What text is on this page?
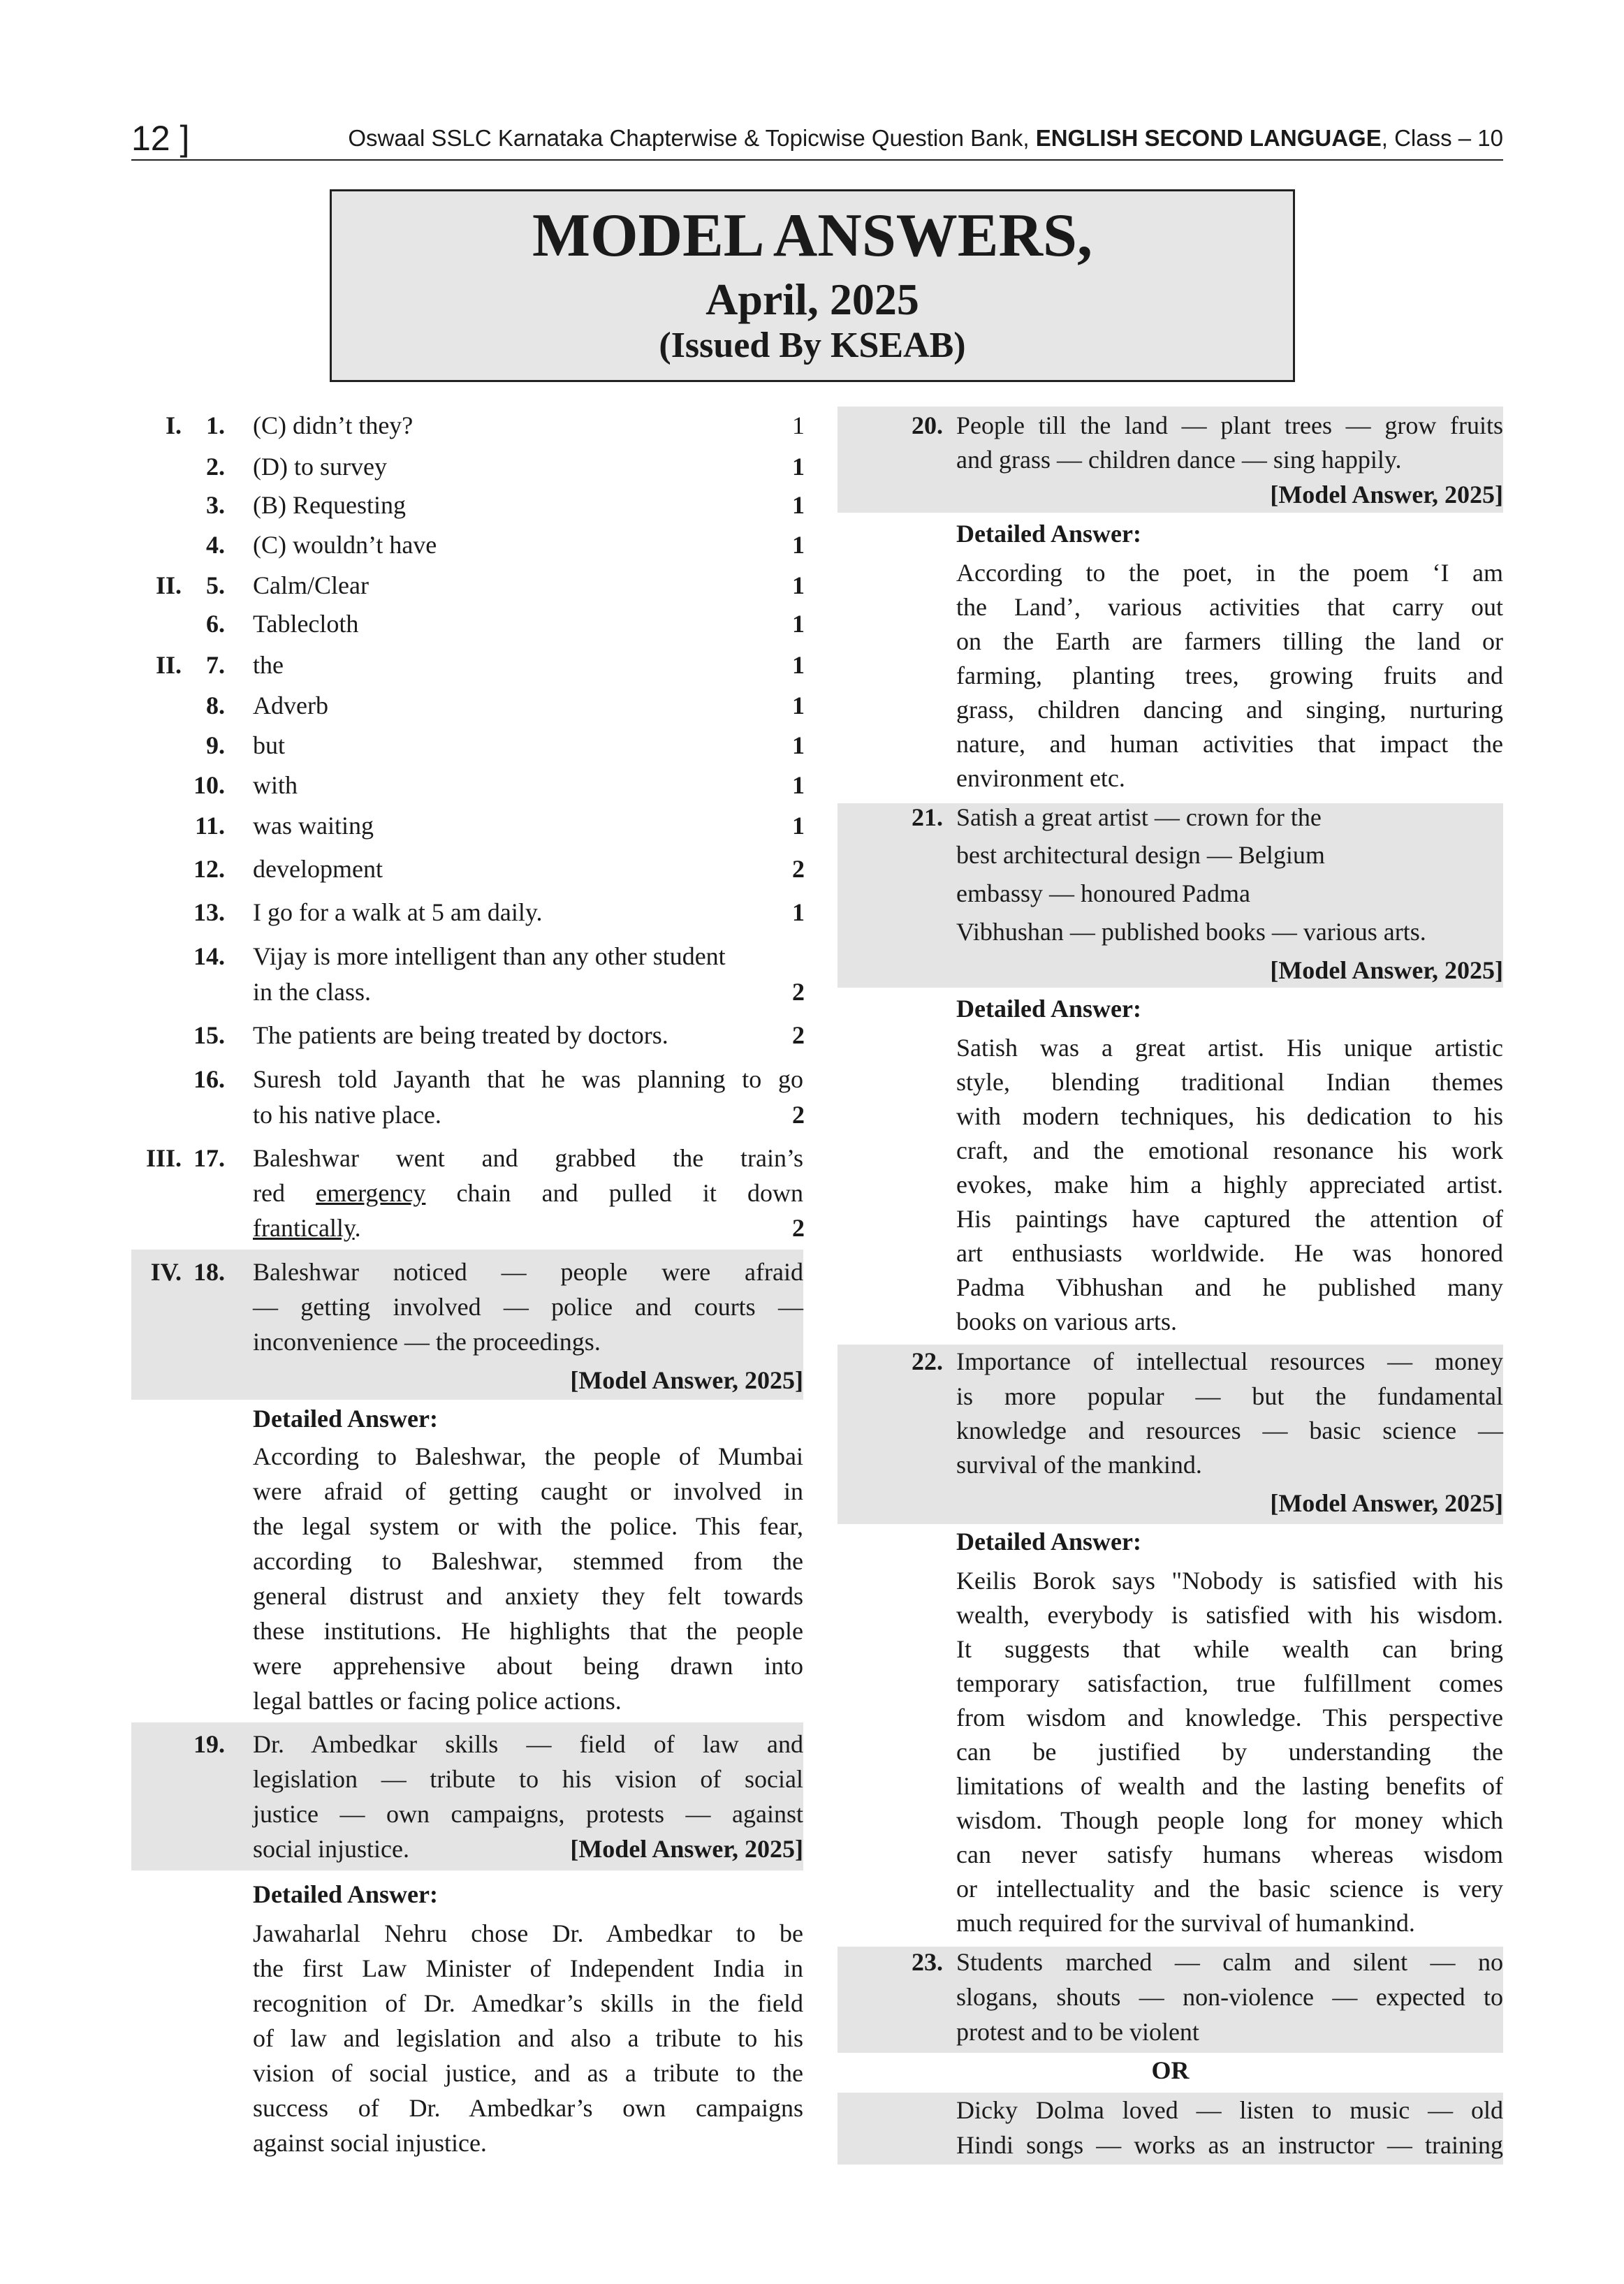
12 ]	Oswaal SSLC Karnataka Chapterwise & Topicwise Question Bank, ENGLISH SECOND LANGUAGE, Class – 10
MODEL ANSWERS,
April, 2025
(Issued By KSEAB)
I. 1. (C) didn’t they?	1
2. (D) to survey	1
3. (B) Requesting	1
4. (C) wouldn’t have	1
II. 5. Calm/Clear	1
6. Tablecloth	1
II. 7. the	1
8. Adverb	1
9. but	1
10. with	1
11. was waiting	1
12. development	2
13. I go for a walk at 5 am daily.	1
14. Vijay is more intelligent than any other student
in the class.	2
15. The patients are being treated by doctors.	2
16. Suresh told Jayanth that he was planning to go
to his native place.	2
III. 17. Baleshwar went and grabbed the train’s
red emergency chain and pulled it down
frantically.	2
IV. 18. Baleshwar noticed — people were afraid
— getting involved — police and courts —
inconvenience — the proceedings.
[Model Answer, 2025]
Detailed Answer:
According to Baleshwar, the people of Mumbai
were afraid of getting caught or involved in
the legal system or with the police. This fear,
according to Baleshwar, stemmed from the
general distrust and anxiety they felt towards
these institutions. He highlights that the people
were apprehensive about being drawn into
legal battles or facing police actions.
19. Dr. Ambedkar skills — field of law and
legislation — tribute to his vision of social
justice — own campaigns, protests — against
social injustice.	[Model Answer, 2025]
Detailed Answer:
Jawaharlal Nehru chose Dr. Ambedkar to be
the first Law Minister of Independent India in
recognition of Dr. Amedkar’s skills in the field
of law and legislation and also a tribute to his
vision of social justice, and as a tribute to the
success of Dr. Ambedkar’s own campaigns
against social injustice.
20. People till the land — plant trees — grow fruits
and grass — children dance — sing happily.
[Model Answer, 2025]
Detailed Answer:
According to the poet, in the poem ‘I am
the Land’, various activities that carry out
on the Earth are farmers tilling the land or
farming, planting trees, growing fruits and
grass, children dancing and singing, nurturing
nature, and human activities that impact the
environment etc.
21. Satish a great artist — crown for the
best architectural design — Belgium
embassy — honoured Padma
Vibhushan — published books — various arts.
[Model Answer, 2025]
Detailed Answer:
Satish was a great artist. His unique artistic
style, blending traditional Indian themes
with modern techniques, his dedication to his
craft, and the emotional resonance his work
evokes, make him a highly appreciated artist.
His paintings have captured the attention of
art enthusiasts worldwide. He was honored
Padma Vibhushan and he published many
books on various arts.
22. Importance of intellectual resources — money
is more popular — but the fundamental
knowledge and resources — basic science —
survival of the mankind.
[Model Answer, 2025]
Detailed Answer:
Keilis Borok says "Nobody is satisfied with his
wealth, everybody is satisfied with his wisdom.
It suggests that while wealth can bring
temporary satisfaction, true fulfillment comes
from wisdom and knowledge. This perspective
can be justified by understanding the
limitations of wealth and the lasting benefits of
wisdom. Though people long for money which
can never satisfy humans whereas wisdom
or intellectuality and the basic science is very
much required for the survival of humankind.
23. Students marched — calm and silent — no
slogans, shouts — non-violence — expected to
protest and to be violent
OR
Dicky Dolma loved — listen to music — old
Hindi songs — works as an instructor — training
